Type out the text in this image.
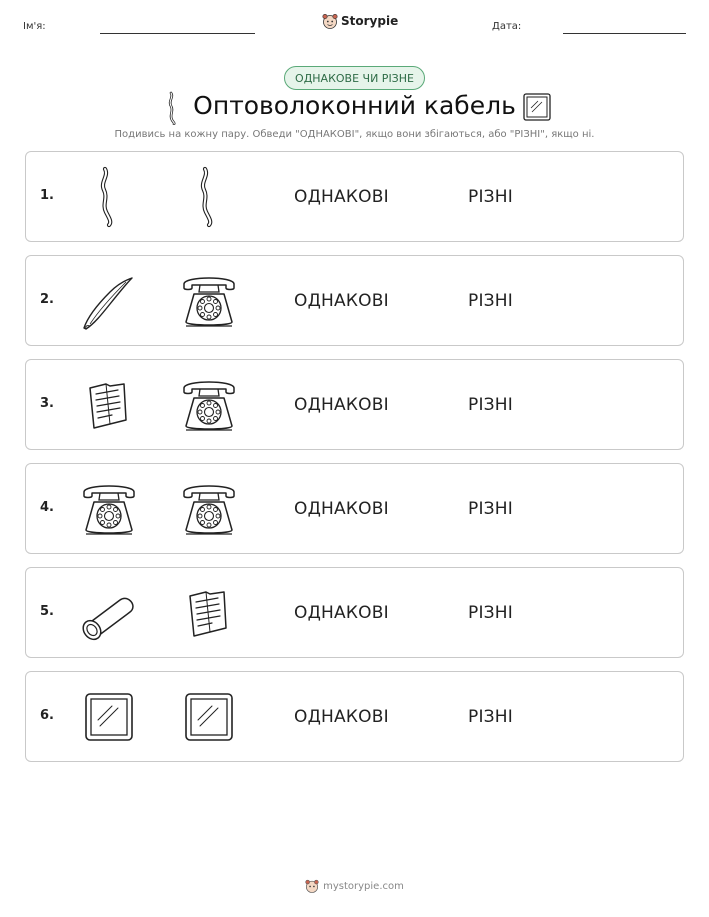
Ім'я:	Storypie	Дата:
ОДНАКОВЕ ЧИ РІЗНЕ
Оптоволоконний кабель
Подивись на кожну пару. Обведи "ОДНАКОВІ", якщо вони збігаються, або "РІЗНІ", якщо ні.
1.	ОДНАКОВІ	РІЗНІ
2.	ОДНАКОВІ	РІЗНІ
3.	ОДНАКОВІ	РІЗНІ
4.	ОДНАКОВІ	РІЗНІ
5.	ОДНАКОВІ	РІЗНІ
6.	ОДНАКОВІ	РІЗНІ
mystorypie.com
